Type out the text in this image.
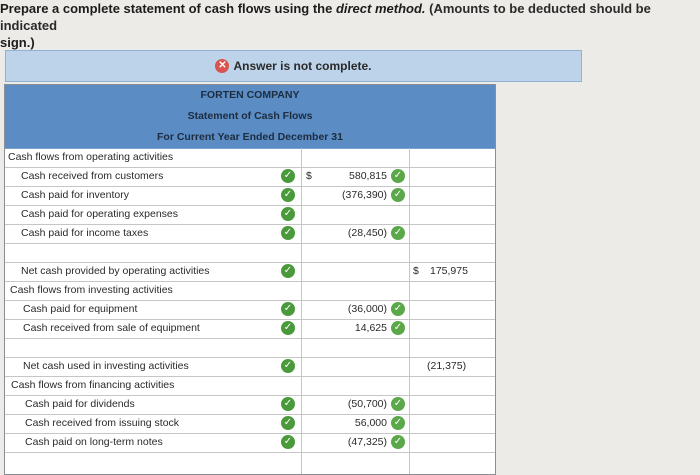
Prepare a complete statement of cash flows using the direct method. (Amounts to be deducted should be indicated
sign.)
✕ Answer is not complete.
FORTEN COMPANY
Statement of Cash Flows
For Current Year Ended December 31
Cash flows from operating activities
Cash received from customers	✓ $	580,815 ✓
Cash paid for inventory	✓	(376,390) ✓
Cash paid for operating expenses	✓
Cash paid for income taxes	✓	(28,450) ✓
Net cash provided by operating activities	✓	$ 175,975
Cash flows from investing activities
Cash paid for equipment	✓	(36,000) ✓
Cash received from sale of equipment	✓	14,625 ✓
Net cash used in investing activities	✓	(21,375)
Cash flows from financing activities
Cash paid for dividends	✓	(50,700) ✓
Cash received from issuing stock	✓	56,000 ✓
Cash paid on long-term notes	✓	(47,325) ✓
